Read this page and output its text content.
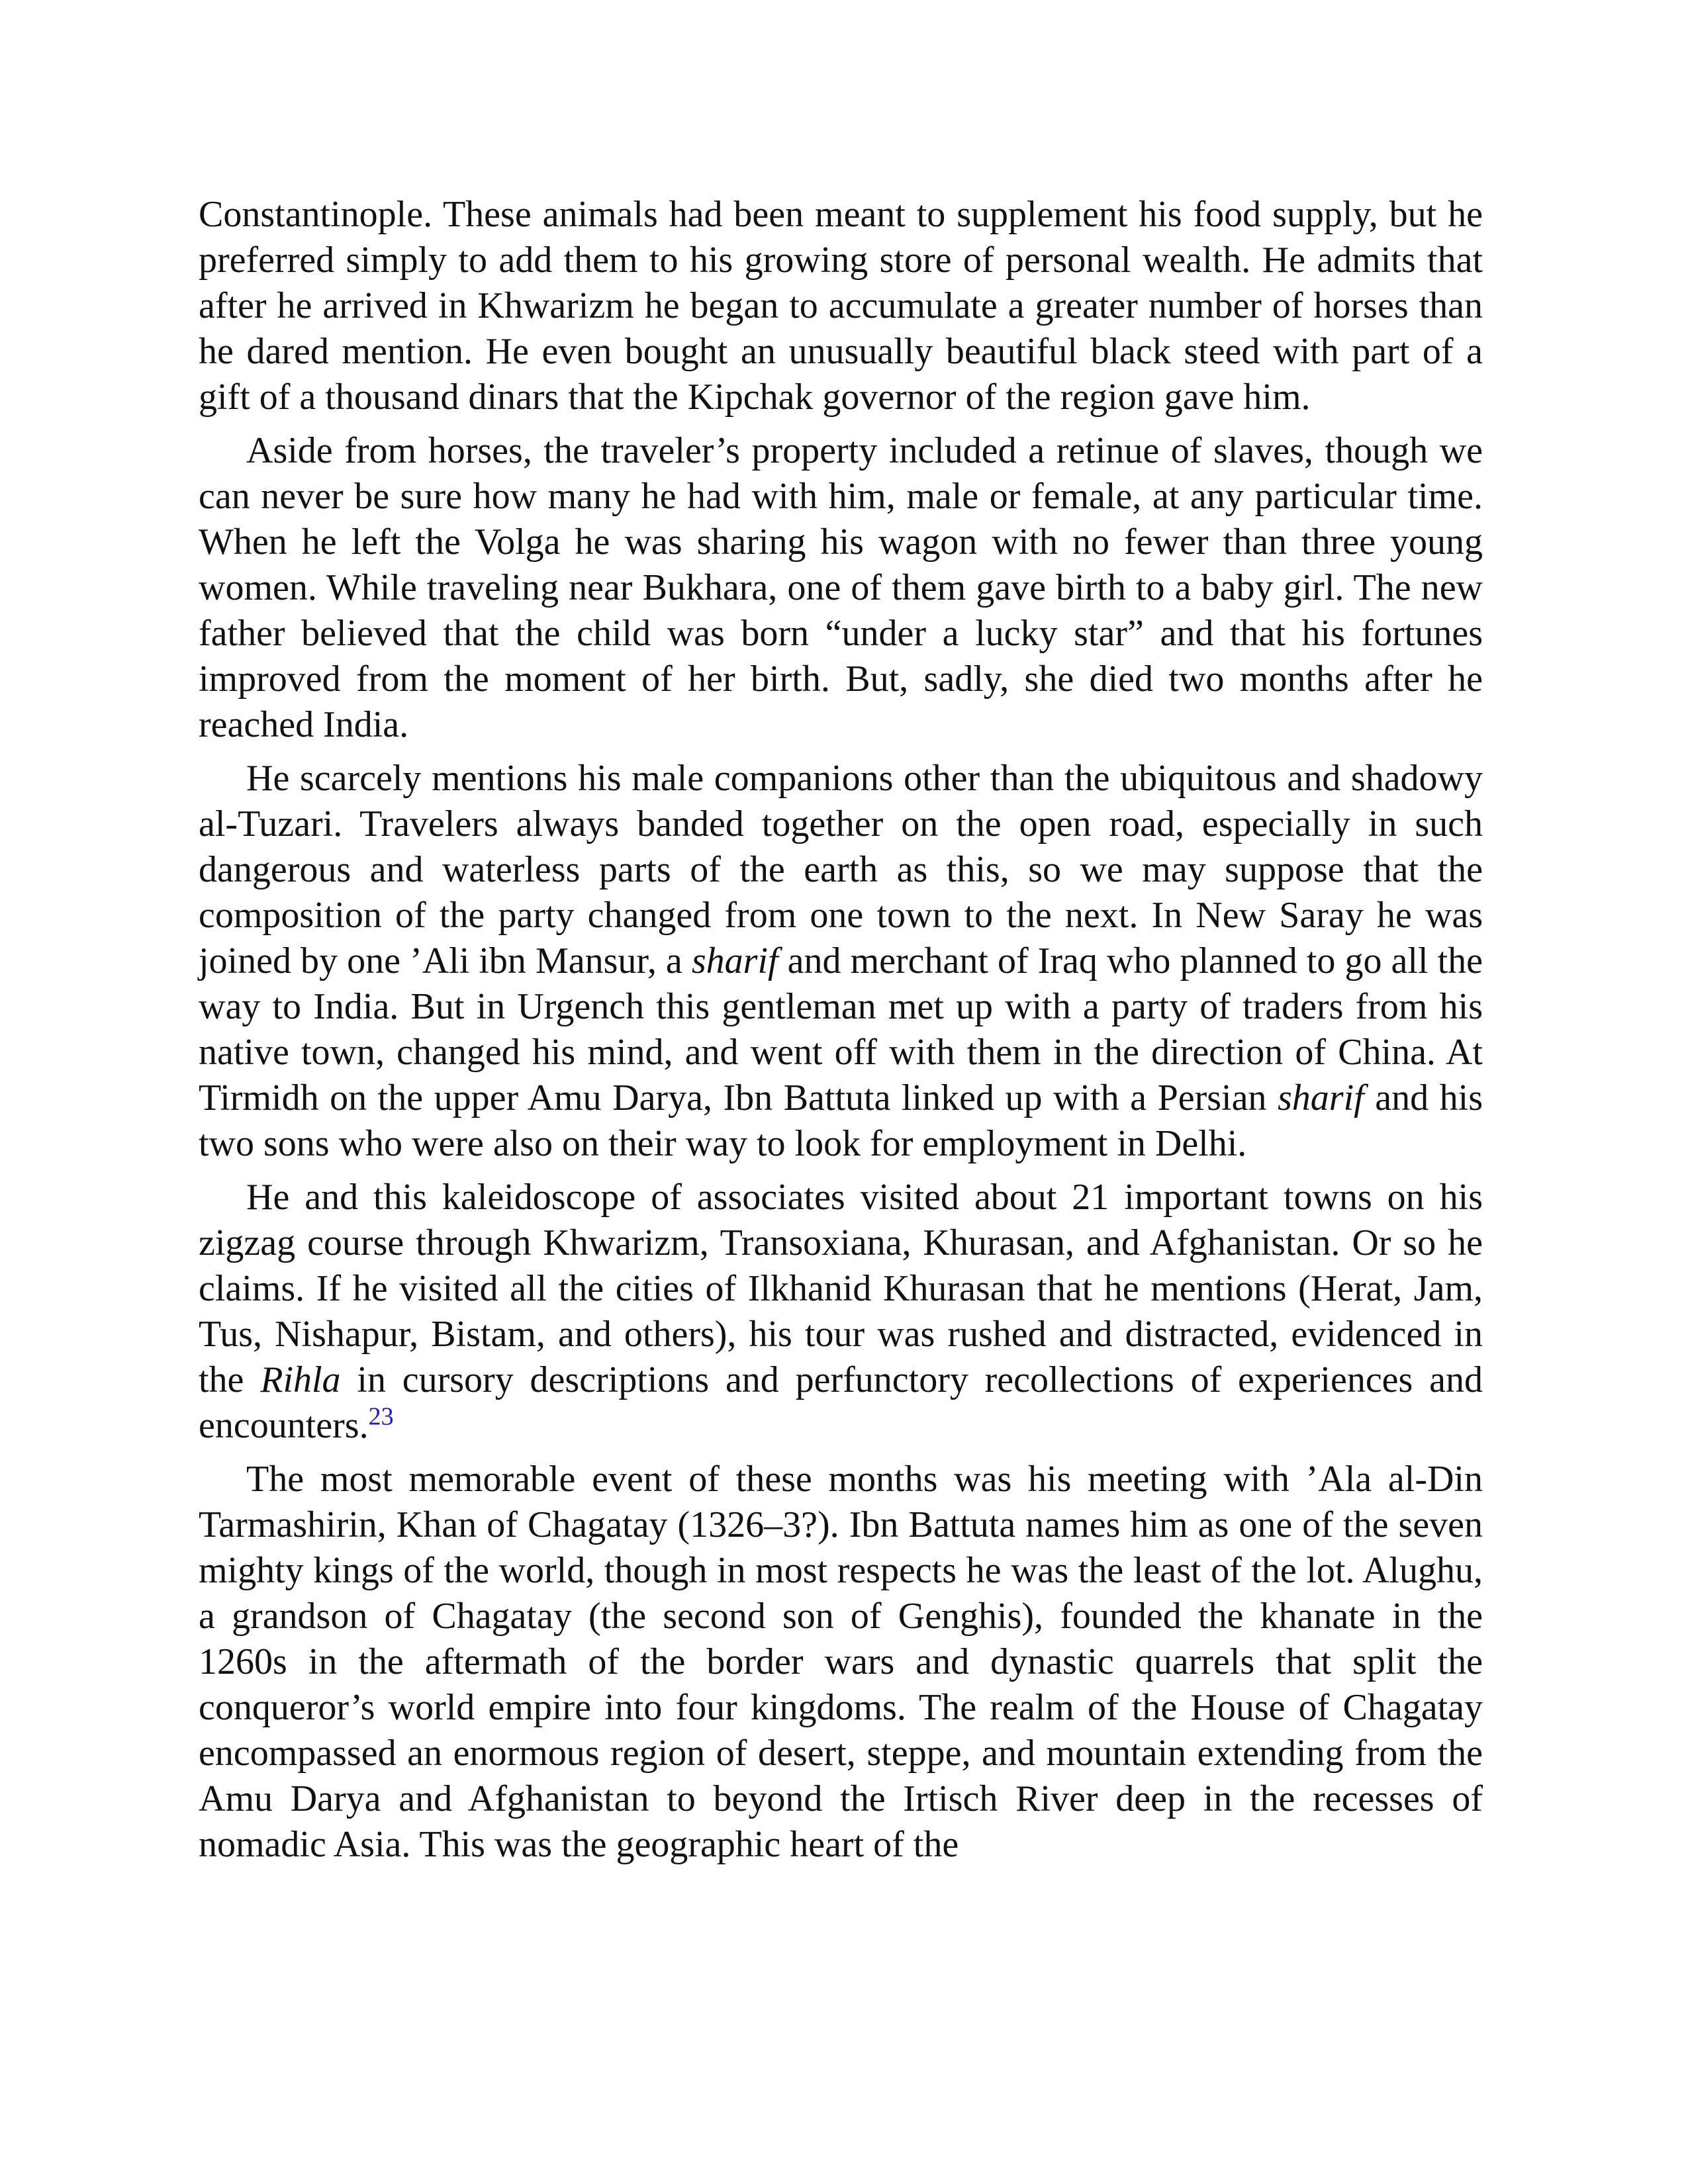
Constantinople. These animals had been meant to supplement his food supply, but he preferred simply to add them to his growing store of personal wealth. He admits that after he arrived in Khwarizm he began to accumulate a greater number of horses than he dared mention. He even bought an unusually beautiful black steed with part of a gift of a thousand dinars that the Kipchak governor of the region gave him.

Aside from horses, the traveler’s property included a retinue of slaves, though we can never be sure how many he had with him, male or female, at any particular time. When he left the Volga he was sharing his wagon with no fewer than three young women. While traveling near Bukhara, one of them gave birth to a baby girl. The new father believed that the child was born “under a lucky star” and that his fortunes improved from the moment of her birth. But, sadly, she died two months after he reached India.

He scarcely mentions his male companions other than the ubiquitous and shadowy al-Tuzari. Travelers always banded together on the open road, especially in such dangerous and waterless parts of the earth as this, so we may suppose that the composition of the party changed from one town to the next. In New Saray he was joined by one ’Ali ibn Mansur, a sharif and merchant of Iraq who planned to go all the way to India. But in Urgench this gentleman met up with a party of traders from his native town, changed his mind, and went off with them in the direction of China. At Tirmidh on the upper Amu Darya, Ibn Battuta linked up with a Persian sharif and his two sons who were also on their way to look for employment in Delhi.

He and this kaleidoscope of associates visited about 21 important towns on his zigzag course through Khwarizm, Transoxiana, Khurasan, and Afghanistan. Or so he claims. If he visited all the cities of Ilkhanid Khurasan that he mentions (Herat, Jam, Tus, Nishapur, Bistam, and others), his tour was rushed and distracted, evidenced in the Rihla in cursory descriptions and perfunctory recollections of experiences and encounters.$^{23}$

The most memorable event of these months was his meeting with ’Ala al-Din Tarmashirin, Khan of Chagatay (1326–3?). Ibn Battuta names him as one of the seven mighty kings of the world, though in most respects he was the least of the lot. Alughu, a grandson of Chagatay (the second son of Genghis), founded the khanate in the 1260s in the aftermath of the border wars and dynastic quarrels that split the conqueror’s world empire into four kingdoms. The realm of the House of Chagatay encompassed an enormous region of desert, steppe, and mountain extending from the Amu Darya and Afghanistan to beyond the Irtisch River deep in the recesses of nomadic Asia. This was the geographic heart of the
